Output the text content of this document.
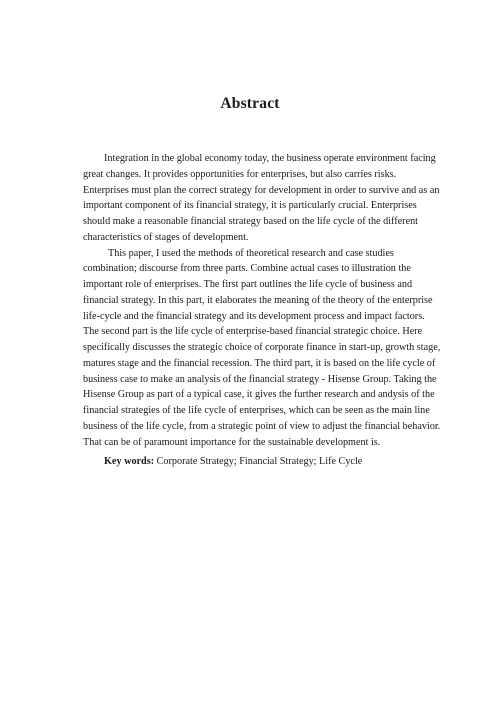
Abstract
Integration in the global economy today, the business operate environment facing
great changes. It provides opportunities for enterprises, but also carries risks.
Enterprises must plan the correct strategy for development in order to survive and as an
important component of its financial strategy, it is particularly crucial. Enterprises
should make a reasonable financial strategy based on the life cycle of the different
characteristics of stages of development.
This paper, I used the methods of theoretical research and case studies
combination; discourse from three parts. Combine actual cases to illustration the
important role of enterprises. The first part outlines the life cycle of business and
financial strategy. In this part, it elaborates the meaning of the theory of the enterprise
life-cycle and the financial strategy and its development process and impact factors.
The second part is the life cycle of enterprise-based financial strategic choice. Here
specifically discusses the strategic choice of corporate finance in start-up, growth stage,
matures stage and the financial recession. The third part, it is based on the life cycle of
business case to make an analysis of the financial strategy - Hisense Group. Taking the
Hisense Group as part of a typical case, it gives the further research and andysis of the
financial strategies of the life cycle of enterprises, which can be seen as the main line
business of the life cycle, from a strategic point of view to adjust the financial behavior.
That can be of paramount importance for the sustainable development is.
Key words: Corporate Strategy; Financial Strategy; Life Cycle
